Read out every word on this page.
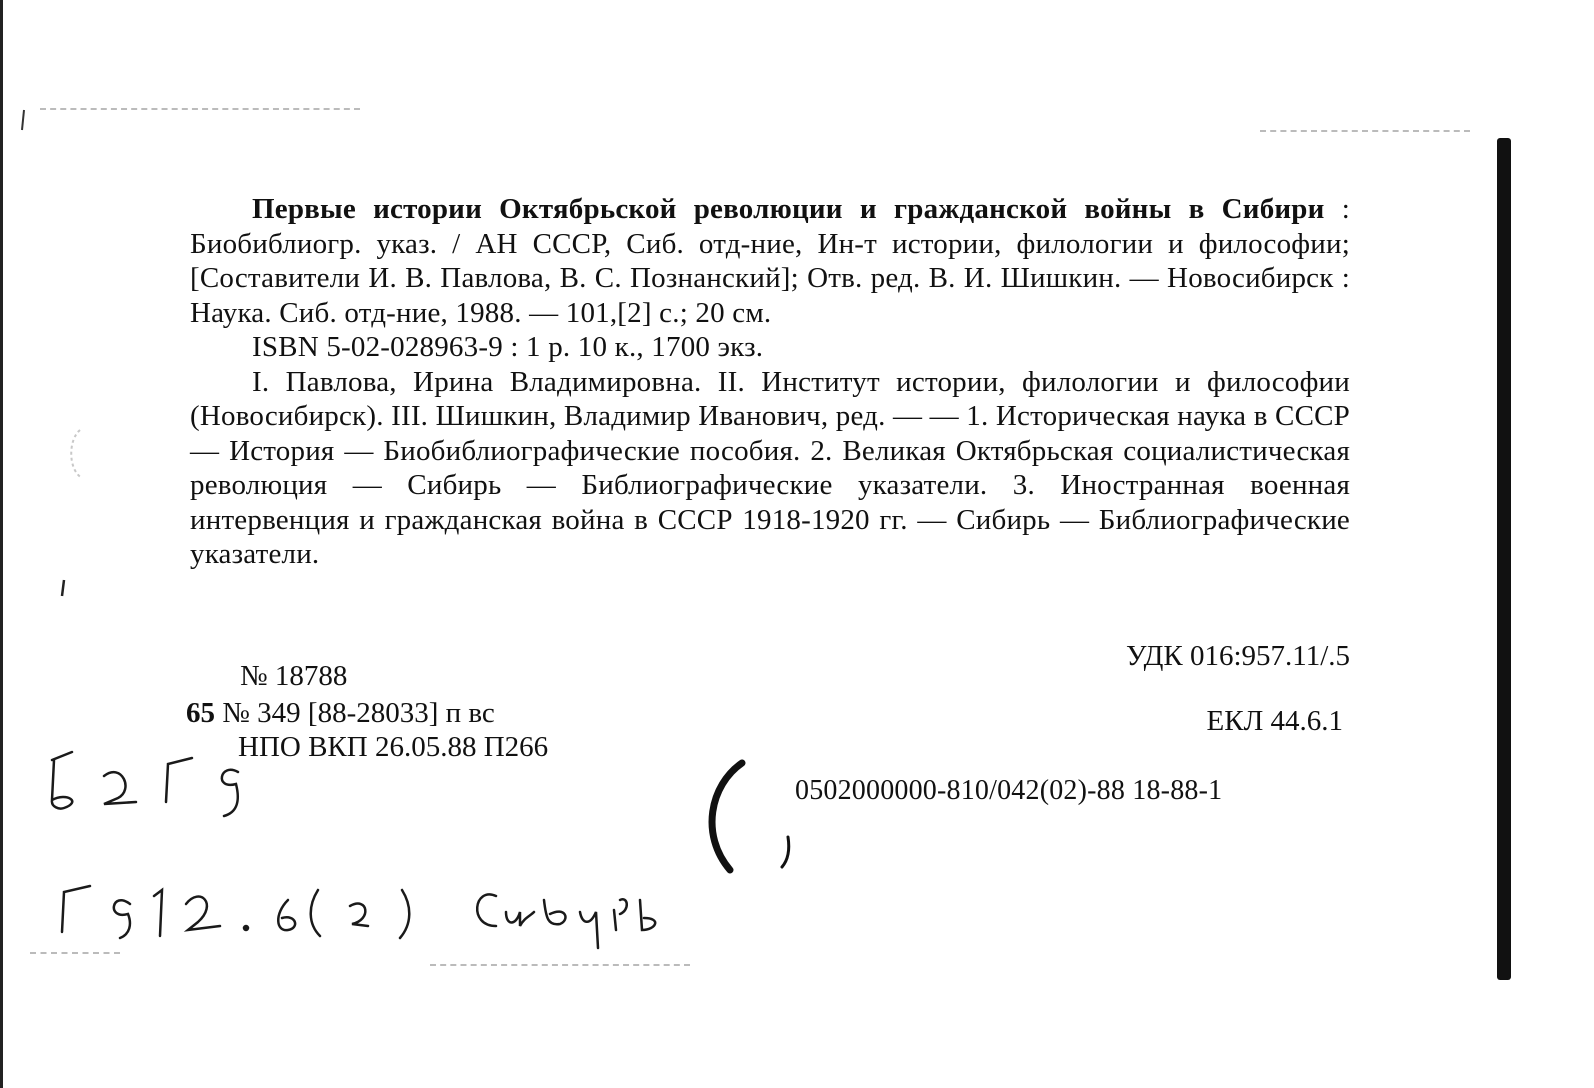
Первые истории Октябрьской революции и гражданской войны в Сибири : Биобиблиогр. указ. / АН СССР, Сиб. отд-ние, Ин-т истории, филологии и философии; [Составители И. В. Павлова, В. С. Познанский]; Отв. ред. В. И. Шишкин. — Новосибирск : Наука. Сиб. отд-ние, 1988. — 101,[2] с.; 20 см.

ISBN 5-02-028963-9 : 1 р. 10 к., 1700 экз.

I. Павлова, Ирина Владимировна. II. Институт истории, филологии и философии (Новосибирск). III. Шишкин, Владимир Иванович, ред. — — 1. Историческая наука в СССР — История — Биобиблиографические пособия. 2. Великая Октябрьская социалистическая революция — Сибирь — Библиографические указатели. 3. Иностранная военная интервенция и гражданская война в СССР 1918-1920 гг. — Сибирь — Библиографические указатели.

УДК 016:957.11/.5
№ 18788
65 № 349 [88-28033] п вс
НПО ВКП 26.05.88 П266
ЕКЛ 44.6.1
0502000000-810/042(02)-88 18-88-1
